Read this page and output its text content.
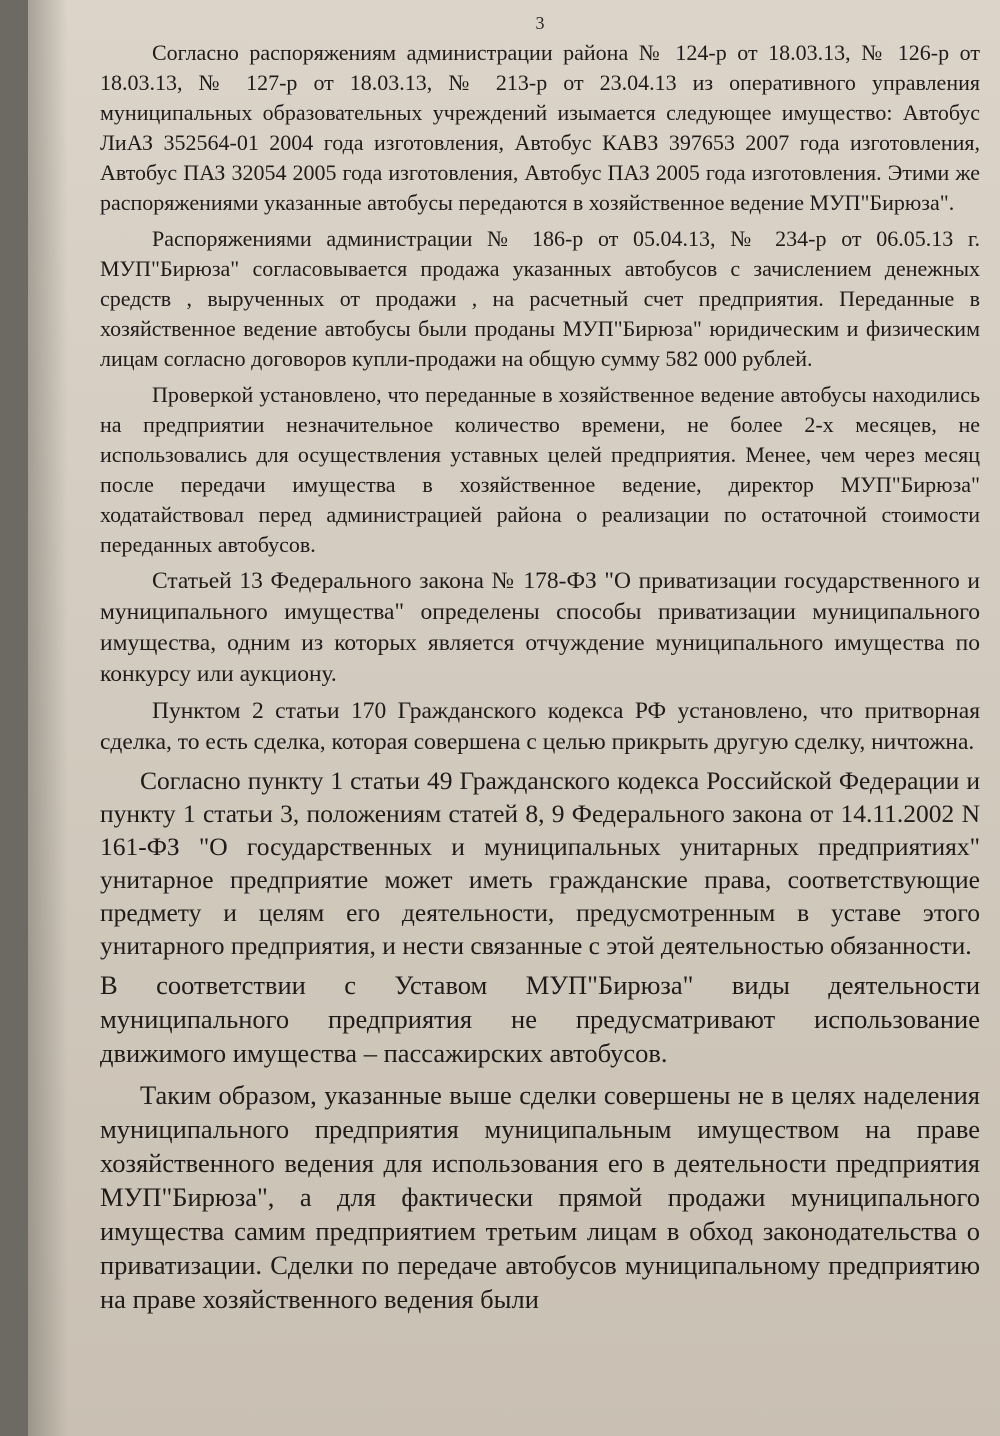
3

Согласно распоряжениям администрации района № 124-р от 18.03.13, № 126-р от 18.03.13, № 127-р от 18.03.13, № 213-р от 23.04.13 из оперативного управления муниципальных образовательных учреждений изымается следующее имущество: Автобус ЛиАЗ 352564-01 2004 года изготовления, Автобус КАВЗ 397653 2007 года изготовления, Автобус ПАЗ 32054 2005 года изготовления, Автобус ПАЗ 2005 года изготовления. Этими же распоряжениями указанные автобусы передаются в хозяйственное ведение МУП"Бирюза".

Распоряжениями администрации № 186-р от 05.04.13, № 234-р от 06.05.13 г. МУП"Бирюза" согласовывается продажа указанных автобусов с зачислением денежных средств , вырученных от продажи , на расчетный счет предприятия. Переданные в хозяйственное ведение автобусы были проданы МУП"Бирюза" юридическим и физическим лицам согласно договоров купли-продажи на общую сумму 582 000 рублей.

Проверкой установлено, что переданные в хозяйственное ведение автобусы находились на предприятии незначительное количество времени, не более 2-х месяцев, не использовались для осуществления уставных целей предприятия. Менее, чем через месяц после передачи имущества в хозяйственное ведение, директор МУП"Бирюза" ходатайствовал перед администрацией района о реализации по остаточной стоимости переданных автобусов.

Статьей 13 Федерального закона № 178-ФЗ "О приватизации государственного и муниципального имущества" определены способы приватизации муниципального имущества, одним из которых является отчуждение муниципального имущества по конкурсу или аукциону.

Пунктом 2 статьи 170 Гражданского кодекса РФ установлено, что притворная сделка, то есть сделка, которая совершена с целью прикрыть другую сделку, ничтожна.

Согласно пункту 1 статьи 49 Гражданского кодекса Российской Федерации и пункту 1 статьи 3, положениям статей 8, 9 Федерального закона от 14.11.2002 N 161-ФЗ "О государственных и муниципальных унитарных предприятиях" унитарное предприятие может иметь гражданские права, соответствующие предмету и целям его деятельности, предусмотренным в уставе этого унитарного предприятия, и нести связанные с этой деятельностью обязанности.

В соответствии с Уставом МУП"Бирюза" виды деятельности муниципального предприятия не предусматривают использование движимого имущества – пассажирских автобусов.

Таким образом, указанные выше сделки совершены не в целях наделения муниципального предприятия муниципальным имуществом на праве хозяйственного ведения для использования его в деятельности предприятия МУП"Бирюза", а для фактически прямой продажи муниципального имущества самим предприятием третьим лицам в обход законодательства о приватизации. Сделки по передаче автобусов муниципальному предприятию на праве хозяйственного ведения были
